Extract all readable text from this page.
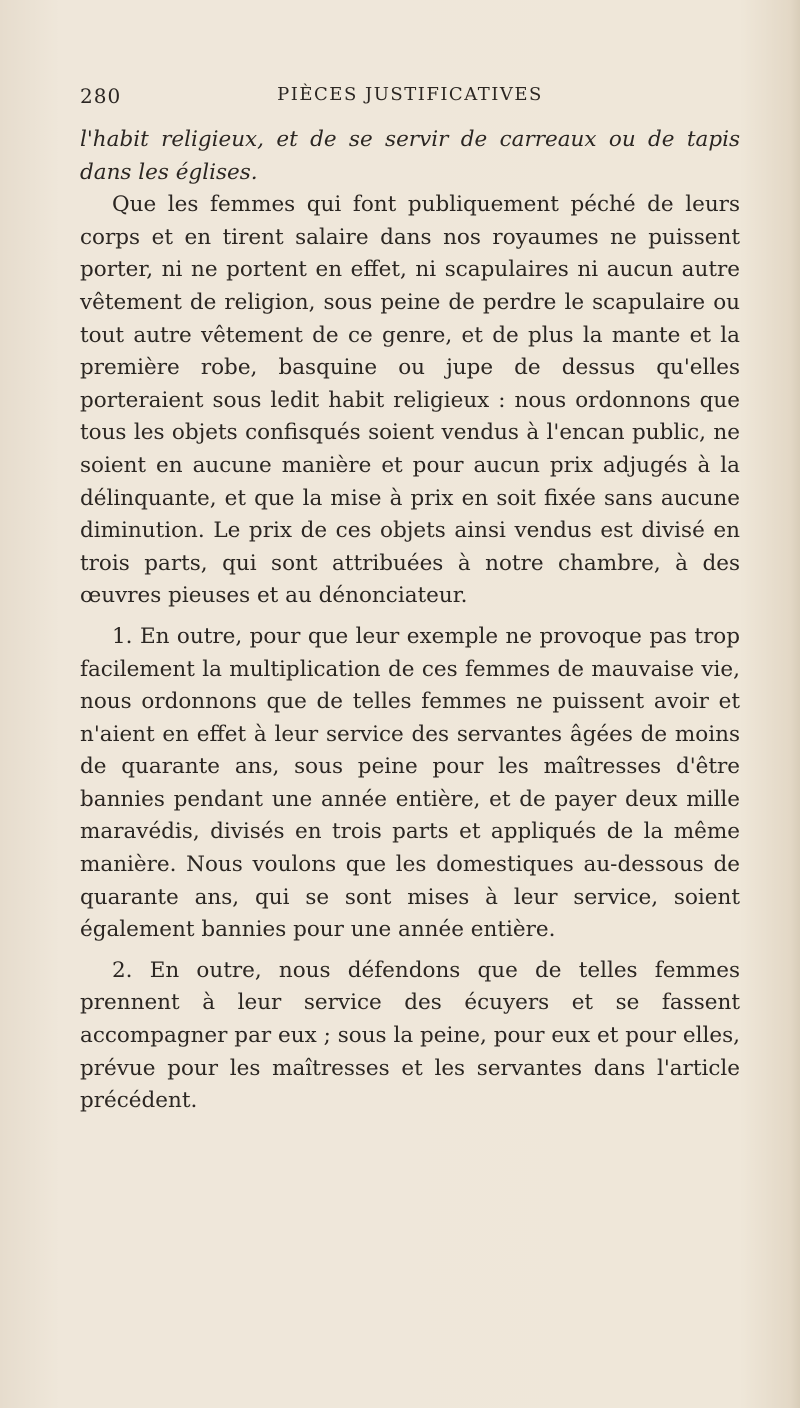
280	PIÈCES JUSTIFICATIVES

l'habit religieux, et de se servir de carreaux ou de tapis dans les églises.

Que les femmes qui font publiquement péché de leurs corps et en tirent salaire dans nos royaumes ne puissent porter, ni ne portent en effet, ni scapulaires ni aucun autre vêtement de religion, sous peine de perdre le scapulaire ou tout autre vêtement de ce genre, et de plus la mante et la première robe, basquine ou jupe de dessus qu'elles porteraient sous ledit habit religieux : nous ordonnons que tous les objets confisqués soient vendus à l'encan public, ne soient en aucune manière et pour aucun prix adjugés à la délinquante, et que la mise à prix en soit fixée sans aucune diminution. Le prix de ces objets ainsi vendus est divisé en trois parts, qui sont attribuées à notre chambre, à des œuvres pieuses et au dénonciateur.

1. En outre, pour que leur exemple ne provoque pas trop facilement la multiplication de ces femmes de mauvaise vie, nous ordonnons que de telles femmes ne puissent avoir et n'aient en effet à leur service des servantes âgées de moins de quarante ans, sous peine pour les maîtresses d'être bannies pendant une année entière, et de payer deux mille maravédis, divisés en trois parts et appliqués de la même manière. Nous voulons que les domestiques au-dessous de quarante ans, qui se sont mises à leur service, soient également bannies pour une année entière.

2. En outre, nous défendons que de telles femmes prennent à leur service des écuyers et se fassent accompagner par eux ; sous la peine, pour eux et pour elles, prévue pour les maîtresses et les servantes dans l'article précédent.
